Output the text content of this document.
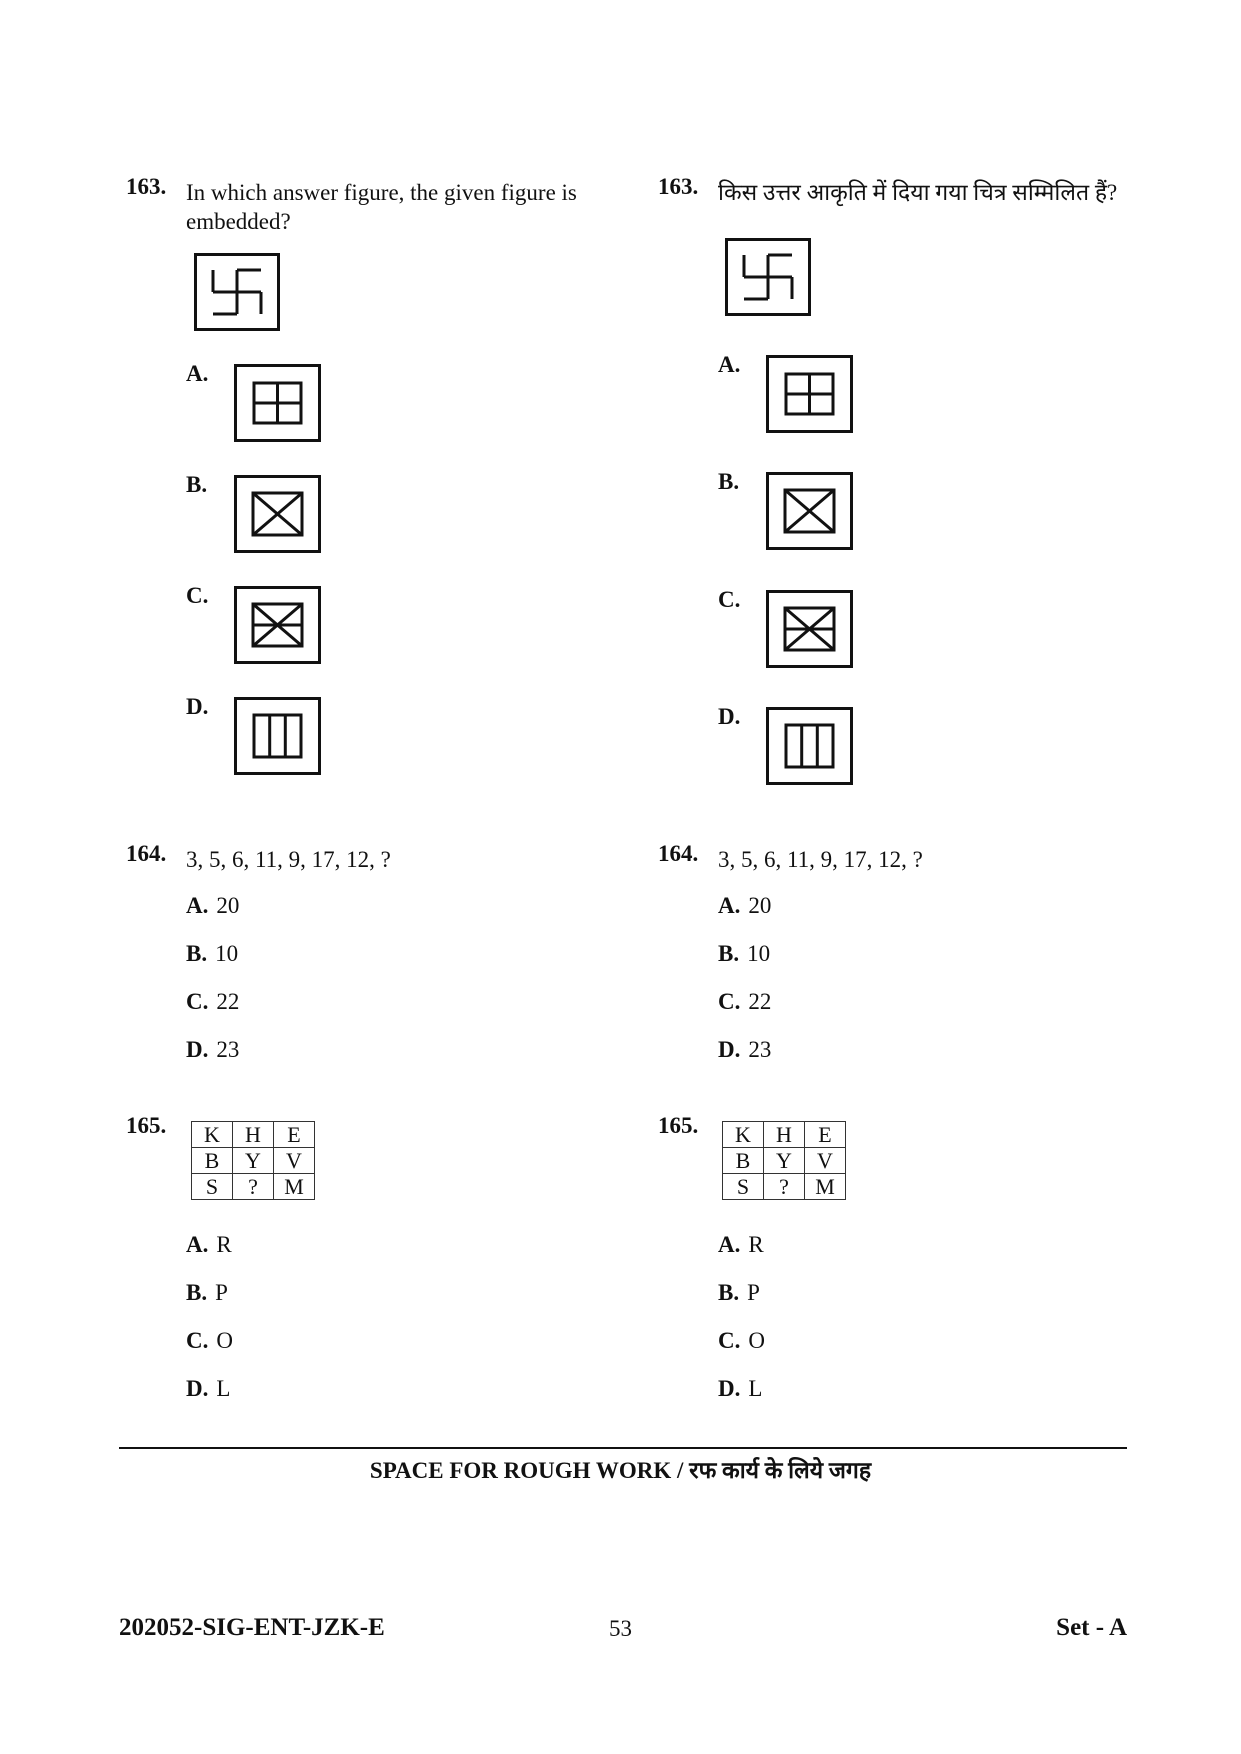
163. In which answer figure, the given figure is embedded?
A.
B.
C.
D.
164. 3, 5, 6, 11, 9, 17, 12, ?
A. 20
B. 10
C. 22
D. 23
165. K	H	E
B	Y	V
S	?	M
A. R
B. P
C. O
D. L
163. किस उत्तर आकृति में दिया गया चित्र सम्मिलित हैं?
A.
B.
C.
D.
164. 3, 5, 6, 11, 9, 17, 12, ?
A. 20
B. 10
C. 22
D. 23
165. K	H	E
B	Y	V
S	?	M
A. R
B. P
C. O
D. L
SPACE FOR ROUGH WORK / रफ कार्य के लिये जगह
202052-SIG-ENT-JZK-E	53	Set - A
